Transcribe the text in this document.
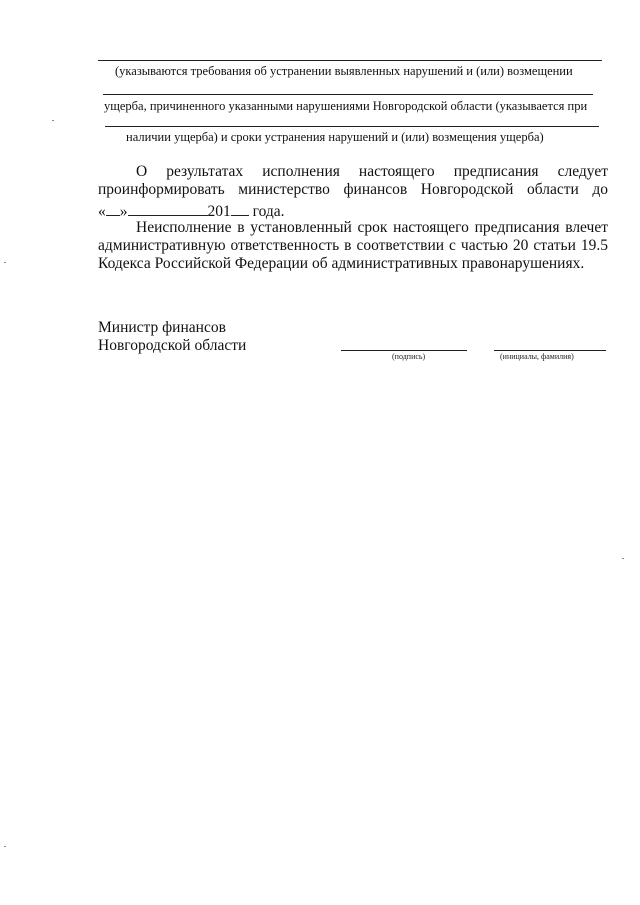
(указываются требования об устранении выявленных нарушений и (или) возмещении
ущерба, причиненного указанными нарушениями Новгородской области (указывается при
наличии ущерба) и сроки устранения нарушений и (или) возмещения ущерба)
О результатах исполнения настоящего предписания следует проинформировать министерство финансов Новгородской области до
« »	201 года.
Неисполнение в установленный срок настоящего предписания влечет административную ответственность в соответствии с частью 20 статьи 19.5 Кодекса Российской Федерации об административных правонарушениях.
Министр финансов
Новгородской области
(подпись)	(инициалы, фамилия)
